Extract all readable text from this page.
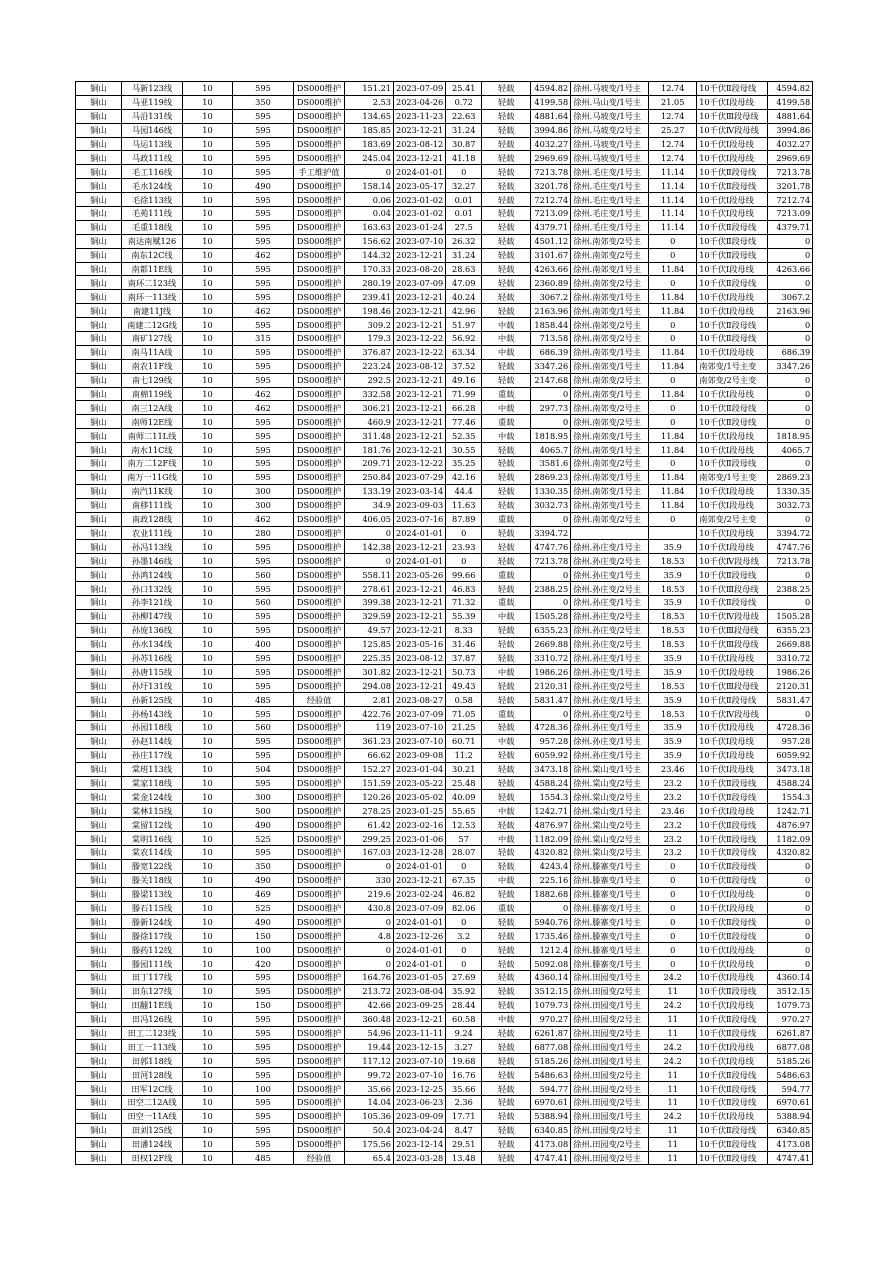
铜山	马新123线	10	595	DS000维护	151.21	2023-07-09	25.41	轻载	4594.82	徐州.马坡变/1号主	12.74	10千伏Ⅱ段母线	4594.82
铜山	马亚119线	10	350	DS000维护	2.53	2023-04-26	0.72	轻载	4199.58	徐州.马山变/1号主	21.05	10千伏Ⅰ段母线	4199.58
铜山	马沿131线	10	595	DS000维护	134.65	2023-11-23	22.63	轻载	4881.64	徐州.马坡变/1号主	12.74	10千伏Ⅲ段母线	4881.64
铜山	马园146线	10	595	DS000维护	185.85	2023-12-21	31.24	轻载	3994.86	徐州.马坡变/2号主	25.27	10千伏Ⅳ段母线	3994.86
铜山	马运113线	10	595	DS000维护	183.69	2023-08-12	30.87	轻载	4032.27	徐州.马坡变/1号主	12.74	10千伏Ⅰ段母线	4032.27
铜山	马政111线	10	595	DS000维护	245.04	2023-12-21	41.18	轻载	2969.69	徐州.马坡变/1号主	12.74	10千伏Ⅰ段母线	2969.69
铜山	毛工116线	10	595	手工维护值	0	2024-01-01	0	轻载	7213.78	徐州.毛庄变/1号主	11.14	10千伏Ⅱ段母线	7213.78
铜山	毛水124线	10	490	DS000维护	158.14	2023-05-17	32.27	轻载	3201.78	徐州.毛庄变/1号主	11.14	10千伏Ⅱ段母线	3201.78
铜山	毛徐113线	10	595	DS000维护	0.06	2023-01-02	0.01	轻载	7212.74	徐州.毛庄变/1号主	11.14	10千伏Ⅰ段母线	7212.74
铜山	毛苑111线	10	595	DS000维护	0.04	2023-01-02	0.01	轻载	7213.09	徐州.毛庄变/1号主	11.14	10千伏Ⅰ段母线	7213.09
铜山	毛重118线	10	595	DS000维护	163.63	2023-01-24	27.5	轻载	4379.71	徐州.毛庄变/1号主	11.14	10千伏Ⅱ段母线	4379.71
铜山	南达南赋126	10	595	DS000维护	156.62	2023-07-10	26.32	轻载	4501.12	徐州.南郊变/2号主	0	10千伏Ⅱ段母线	0
铜山	南东12C线	10	462	DS000维护	144.32	2023-12-21	31.24	轻载	3101.67	徐州.南郊变/2号主	0	10千伏Ⅱ段母线	0
铜山	南都11E线	10	595	DS000维护	170.33	2023-08-20	28.63	轻载	4263.66	徐州.南郊变/1号主	11.84	10千伏Ⅰ段母线	4263.66
铜山	南环二123线	10	595	DS000维护	280.19	2023-07-09	47.09	轻载	2360.89	徐州.南郊变/2号主	0	10千伏Ⅱ段母线	0
铜山	南环一113线	10	595	DS000维护	239.41	2023-12-21	40.24	轻载	3067.2	徐州.南郊变/1号主	11.84	10千伏Ⅰ段母线	3067.2
铜山	南建11J线	10	462	DS000维护	198.46	2023-12-21	42.96	轻载	2163.96	徐州.南郊变/1号主	11.84	10千伏Ⅰ段母线	2163.96
铜山	南建二12G线	10	595	DS000维护	309.2	2023-12-21	51.97	中载	1858.44	徐州.南郊变/2号主	0	10千伏Ⅱ段母线	0
铜山	南矿127线	10	315	DS000维护	179.3	2023-12-22	56.92	中载	713.58	徐州.南郊变/2号主	0	10千伏Ⅱ段母线	0
铜山	南马11A线	10	595	DS000维护	376.87	2023-12-22	63.34	中载	686.39	徐州.南郊变/1号主	11.84	10千伏Ⅰ段母线	686.39
铜山	南农11F线	10	595	DS000维护	223.24	2023-08-12	37.52	轻载	3347.26	徐州.南郊变/1号主	11.84	南郊变/1号主变	3347.26
铜山	南七129线	10	595	DS000维护	292.5	2023-12-21	49.16	轻载	2147.68	徐州.南郊变/2号主	0	南郊变/2号主变	0
铜山	南棉119线	10	462	DS000维护	332.58	2023-12-21	71.99	重载	0	徐州.南郊变/1号主	11.84	10千伏Ⅰ段母线	0
铜山	南三12A线	10	462	DS000维护	306.21	2023-12-21	66.28	中载	297.73	徐州.南郊变/2号主	0	10千伏Ⅱ段母线	0
铜山	南师12E线	10	595	DS000维护	460.9	2023-12-21	77.46	重载	0	徐州.南郊变/2号主	0	10千伏Ⅱ段母线	0
铜山	南师二11L线	10	595	DS000维护	311.48	2023-12-21	52.35	中载	1818.95	徐州.南郊变/1号主	11.84	10千伏Ⅰ段母线	1818.95
铜山	南水11C线	10	595	DS000维护	181.76	2023-12-21	30.55	轻载	4065.7	徐州.南郊变/1号主	11.84	10千伏Ⅰ段母线	4065.7
铜山	南万二12F线	10	595	DS000维护	209.71	2023-12-22	35.25	轻载	3581.6	徐州.南郊变/2号主	0	10千伏Ⅱ段母线	0
铜山	南万一11G线	10	595	DS000维护	250.84	2023-07-29	42.16	轻载	2869.23	徐州.南郊变/1号主	11.84	南郊变/1号主变	2869.23
铜山	南汽11K线	10	300	DS000维护	133.19	2023-03-14	44.4	轻载	1330.35	徐州.南郊变/1号主	11.84	10千伏Ⅰ段母线	1330.35
铜山	南移111线	10	300	DS000维护	34.9	2023-09-03	11.63	轻载	3032.73	徐州.南郊变/1号主	11.84	10千伏Ⅰ段母线	3032.73
铜山	南政128线	10	462	DS000维护	406.05	2023-07-16	87.89	重载	0	徐州.南郊变/2号主	0	南郊变/2号主变	0
铜山	农业111线	10	280	DS000维护	0	2024-01-01	0	轻载	3394.72			10千伏Ⅰ段母线	3394.72
铜山	孙冯113线	10	595	DS000维护	142.38	2023-12-21	23.93	轻载	4747.76	徐州.孙庄变/1号主	35.9	10千伏Ⅰ段母线	4747.76
铜山	孙墨146线	10	595	DS000维护	0	2024-01-01	0	轻载	7213.78	徐州.孙庄变/2号主	18.53	10千伏Ⅳ段母线	7213.78
铜山	孙鸿124线	10	560	DS000维护	558.11	2023-05-26	99.66	重载	0	徐州.孙庄变/1号主	35.9	10千伏Ⅱ段母线	0
铜山	孙口132线	10	595	DS000维护	278.61	2023-12-21	46.83	轻载	2388.25	徐州.孙庄变/2号主	18.53	10千伏Ⅲ段母线	2388.25
铜山	孙李121线	10	560	DS000维护	399.38	2023-12-21	71.32	重载	0	徐州.孙庄变/1号主	35.9	10千伏Ⅱ段母线	0
铜山	孙柳147线	10	595	DS000维护	329.59	2023-12-21	55.39	中载	1505.28	徐州.孙庄变/2号主	18.53	10千伏Ⅳ段母线	1505.28
铜山	孙庞136线	10	595	DS000维护	49.57	2023-12-21	8.33	轻载	6355.23	徐州.孙庄变/2号主	18.53	10千伏Ⅲ段母线	6355.23
铜山	孙水134线	10	400	DS000维护	125.85	2023-05-16	31.46	轻载	2669.88	徐州.孙庄变/2号主	18.53	10千伏Ⅲ段母线	2669.88
铜山	孙苏116线	10	595	DS000维护	225.35	2023-08-12	37.87	轻载	3310.72	徐州.孙庄变/1号主	35.9	10千伏Ⅰ段母线	3310.72
铜山	孙唐115线	10	595	DS000维护	301.82	2023-12-21	50.73	中载	1986.26	徐州.孙庄变/1号主	35.9	10千伏Ⅰ段母线	1986.26
铜山	孙圩131线	10	595	DS000维护	294.08	2023-12-21	49.43	轻载	2120.31	徐州.孙庄变/2号主	18.53	10千伏Ⅲ段母线	2120.31
铜山	孙新125线	10	485	经验值	2.81	2023-08-27	0.58	轻载	5831.47	徐州.孙庄变/1号主	35.9	10千伏Ⅱ段母线	5831.47
铜山	孙杨143线	10	595	DS000维护	422.76	2023-07-09	71.05	重载	0	徐州.孙庄变/2号主	18.53	10千伏Ⅳ段母线	0
铜山	孙园118线	10	560	DS000维护	119	2023-07-10	21.25	轻载	4728.36	徐州.孙庄变/1号主	35.9	10千伏Ⅰ段母线	4728.36
铜山	孙赵114线	10	595	DS000维护	361.23	2023-07-10	60.71	中载	957.28	徐州.孙庄变/1号主	35.9	10千伏Ⅰ段母线	957.28
铜山	孙庄117线	10	595	DS000维护	66.62	2023-09-08	11.2	轻载	6059.92	徐州.孙庄变/1号主	35.9	10千伏Ⅰ段母线	6059.92
铜山	棠班113线	10	504	DS000维护	152.27	2023-01-04	30.21	轻载	3473.18	徐州.棠山变/1号主	23.46	10千伏Ⅰ段母线	3473.18
铜山	棠家118线	10	595	DS000维护	151.59	2023-05-22	25.48	轻载	4588.24	徐州.棠山变/2号主	23.2	10千伏Ⅱ段母线	4588.24
铜山	棠金124线	10	300	DS000维护	120.26	2023-05-02	40.09	轻载	1554.3	徐州.棠山变/2号主	23.2	10千伏Ⅱ段母线	1554.3
铜山	棠林115线	10	500	DS000维护	278.25	2023-01-25	55.65	中载	1242.71	徐州.棠山变/1号主	23.46	10千伏Ⅰ段母线	1242.71
铜山	棠留112线	10	490	DS000维护	61.42	2023-02-16	12.53	轻载	4876.97	徐州.棠山变/2号主	23.2	10千伏Ⅱ段母线	4876.97
铜山	棠明116线	10	525	DS000维护	299.25	2023-01-06	57	中载	1182.09	徐州.棠山变/2号主	23.2	10千伏Ⅱ段母线	1182.09
铜山	棠农114线	10	595	DS000维护	167.03	2023-12-28	28.07	轻载	4320.82	徐州.棠山变/2号主	23.2	10千伏Ⅱ段母线	4320.82
铜山	滕宽122线	10	350	DS000维护	0	2024-01-01	0	轻载	4243.4	徐州.滕寨变/1号主	0	10千伏Ⅱ段母线	0
铜山	滕关118线	10	490	DS000维护	330	2023-12-21	67.35	中载	225.16	徐州.滕寨变/1号主	0	10千伏Ⅱ段母线	0
铜山	滕梁113线	10	469	DS000维护	219.6	2023-02-24	46.82	轻载	1882.68	徐州.滕寨变/1号主	0	10千伏Ⅰ段母线	0
铜山	滕石115线	10	525	DS000维护	430.8	2023-07-09	82.06	重载	0	徐州.滕寨变/1号主	0	10千伏Ⅰ段母线	0
铜山	滕新124线	10	490	DS000维护	0	2024-01-01	0	轻载	5940.76	徐州.滕寨变/1号主	0	10千伏Ⅱ段母线	0
铜山	滕徐117线	10	150	DS000维护	4.8	2023-12-26	3.2	轻载	1735.46	徐州.滕寨变/1号主	0	10千伏Ⅱ段母线	0
铜山	滕药112线	10	100	DS000维护	0	2024-01-01	0	轻载	1212.4	徐州.滕寨变/1号主	0	10千伏Ⅰ段母线	0
铜山	滕园111线	10	420	DS000维护	0	2024-01-01	0	轻载	5092.08	徐州.滕寨变/1号主	0	10千伏Ⅰ段母线	0
铜山	田丁117线	10	595	DS000维护	164.76	2023-01-05	27.69	轻载	4360.14	徐州.田园变/1号主	24.2	10千伏Ⅰ段母线	4360.14
铜山	田东127线	10	595	DS000维护	213.72	2023-08-04	35.92	轻载	3512.15	徐州.田园变/2号主	11	10千伏Ⅱ段母线	3512.15
铜山	田翻11E线	10	150	DS000维护	42.66	2023-09-25	28.44	轻载	1079.73	徐州.田园变/1号主	24.2	10千伏Ⅰ段母线	1079.73
铜山	田冯126线	10	595	DS000维护	360.48	2023-12-21	60.58	中载	970.27	徐州.田园变/2号主	11	10千伏Ⅱ段母线	970.27
铜山	田工二123线	10	595	DS000维护	54.96	2023-11-11	9.24	轻载	6261.87	徐州.田园变/2号主	11	10千伏Ⅱ段母线	6261.87
铜山	田工一113线	10	595	DS000维护	19.44	2023-12-15	3.27	轻载	6877.08	徐州.田园变/1号主	24.2	10千伏Ⅰ段母线	6877.08
铜山	田郭118线	10	595	DS000维护	117.12	2023-07-10	19.68	轻载	5185.26	徐州.田园变/1号主	24.2	10千伏Ⅰ段母线	5185.26
铜山	田河128线	10	595	DS000维护	99.72	2023-07-10	16.76	轻载	5486.63	徐州.田园变/2号主	11	10千伏Ⅱ段母线	5486.63
铜山	田军12C线	10	100	DS000维护	35.66	2023-12-25	35.66	轻载	594.77	徐州.田园变/2号主	11	10千伏Ⅱ段母线	594.77
铜山	田空二12A线	10	595	DS000维护	14.04	2023-06-23	2.36	轻载	6970.61	徐州.田园变/2号主	11	10千伏Ⅱ段母线	6970.61
铜山	田空一11A线	10	595	DS000维护	105.36	2023-09-09	17.71	轻载	5388.94	徐州.田园变/1号主	24.2	10千伏Ⅰ段母线	5388.94
铜山	田刘125线	10	595	DS000维护	50.4	2023-04-24	8.47	轻载	6340.85	徐州.田园变/2号主	11	10千伏Ⅱ段母线	6340.85
铜山	田潘124线	10	595	DS000维护	175.56	2023-12-14	29.51	轻载	4173.08	徐州.田园变/2号主	11	10千伏Ⅱ段母线	4173.08
铜山	田权12F线	10	485	经验值	65.4	2023-03-28	13.48	轻载	4747.41	徐州.田园变/2号主	11	10千伏Ⅱ段母线	4747.41
